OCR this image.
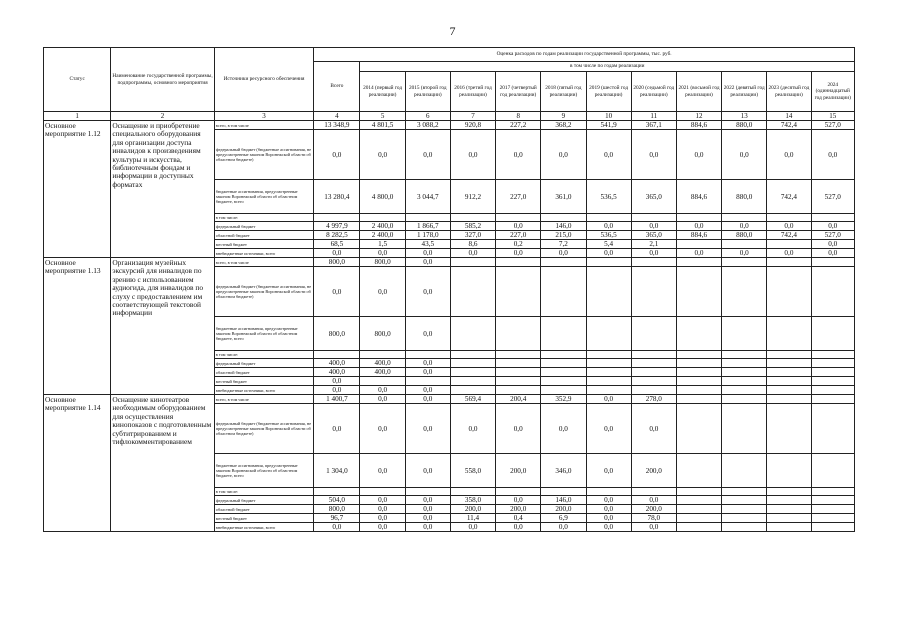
7
Статус	Наименование государственной программы, подпрограммы, основного мероприятия	Источники ресурсного обеспечения	Оценка расходов по годам реализации государственной программы, тыс. руб.											
			Всего	в том числе по годам реализации										
				2014 (первый год реализации)	2015 (второй год реализации)	2016 (третий год реализации)	2017 (четвертый год реализации)	2018 (пятый год реализации)	2019 (шестой год реализации)	2020 (седьмой год реализации)	2021 (восьмой год реализации)	2022 (девятый год реализации)	2023 (десятый год реализации)	2024 (одиннадцатый год реализации)
1	2	3	4	5	6	7	8	9	10	11	12	13	14	15
Основное мероприятие 1.12	Оснащение и приобретение специального оборудования для организации доступа инвалидов к произведениям культуры и искусства, библиотечным фондам и информации в доступных форматах	всего, в том числе	13 348,9	4 801,5	3 088,2	920,8	227,2	368,2	541,9	367,1	884,6	880,0	742,4	527,0
		федеральный бюджет (бюджетные ассигнования, не предусмотренные законом Воронежской области об областном бюджете)	0,0	0,0	0,0	0,0	0,0	0,0	0,0	0,0	0,0	0,0	0,0	0,0
		бюджетные ассигнования, предусмотренные законом Воронежской области об областном бюджете, всего	13 280,4	4 800,0	3 044,7	912,2	227,0	361,0	536,5	365,0	884,6	880,0	742,4	527,0
		в том числе:												
		федеральный бюджет	4 997,9	2 400,0	1 866,7	585,2	0,0	146,0	0,0	0,0	0,0	0,0	0,0	0,0
		областной бюджет	8 282,5	2 400,0	1 178,0	327,0	227,0	215,0	536,5	365,0	884,6	880,0	742,4	527,0
		местный бюджет	68,5	1,5	43,5	8,6	0,2	7,2	5,4	2,1				0,0
		внебюджетные источники, всего	0,0	0,0	0,0	0,0	0,0	0,0	0,0	0,0	0,0	0,0	0,0	0,0
Основное мероприятие 1.13	Организация музейных экскурсий для инвалидов по зрению с использованием аудиогида, для инвалидов по слуху с предоставлением им соответствующей текстовой информации	всего, в том числе	800,0	800,0	0,0									
		федеральный бюджет (бюджетные ассигнования, не предусмотренные законом Воронежской области об областном бюджете)	0,0	0,0	0,0									
		бюджетные ассигнования, предусмотренные законом Воронежской области об областном бюджете, всего	800,0	800,0	0,0									
		в том числе:												
		федеральный бюджет	400,0	400,0	0,0									
		областной бюджет	400,0	400,0	0,0									
		местный бюджет	0,0											
		внебюджетные источники, всего	0,0	0,0	0,0									
Основное мероприятие 1.14	Оснащение кинотеатров необходимым оборудованием для осуществления кинопоказов с подготовленным субтитрированием и тифлокомментированием	всего, в том числе	1 400,7	0,0	0,0	569,4	200,4	352,9	0,0	278,0				
		федеральный бюджет (бюджетные ассигнования, не предусмотренные законом Воронежской области об областном бюджете)	0,0	0,0	0,0	0,0	0,0	0,0	0,0	0,0				
		бюджетные ассигнования, предусмотренные законом Воронежской области об областном бюджете, всего	1 304,0	0,0	0,0	558,0	200,0	346,0	0,0	200,0				
		в том числе:												
		федеральный бюджет	504,0	0,0	0,0	358,0	0,0	146,0	0,0	0,0				
		областной бюджет	800,0	0,0	0,0	200,0	200,0	200,0	0,0	200,0				
		местный бюджет	96,7	0,0	0,0	11,4	0,4	6,9	0,0	78,0				
		внебюджетные источники, всего	0,0	0,0	0,0	0,0	0,0	0,0	0,0	0,0				
